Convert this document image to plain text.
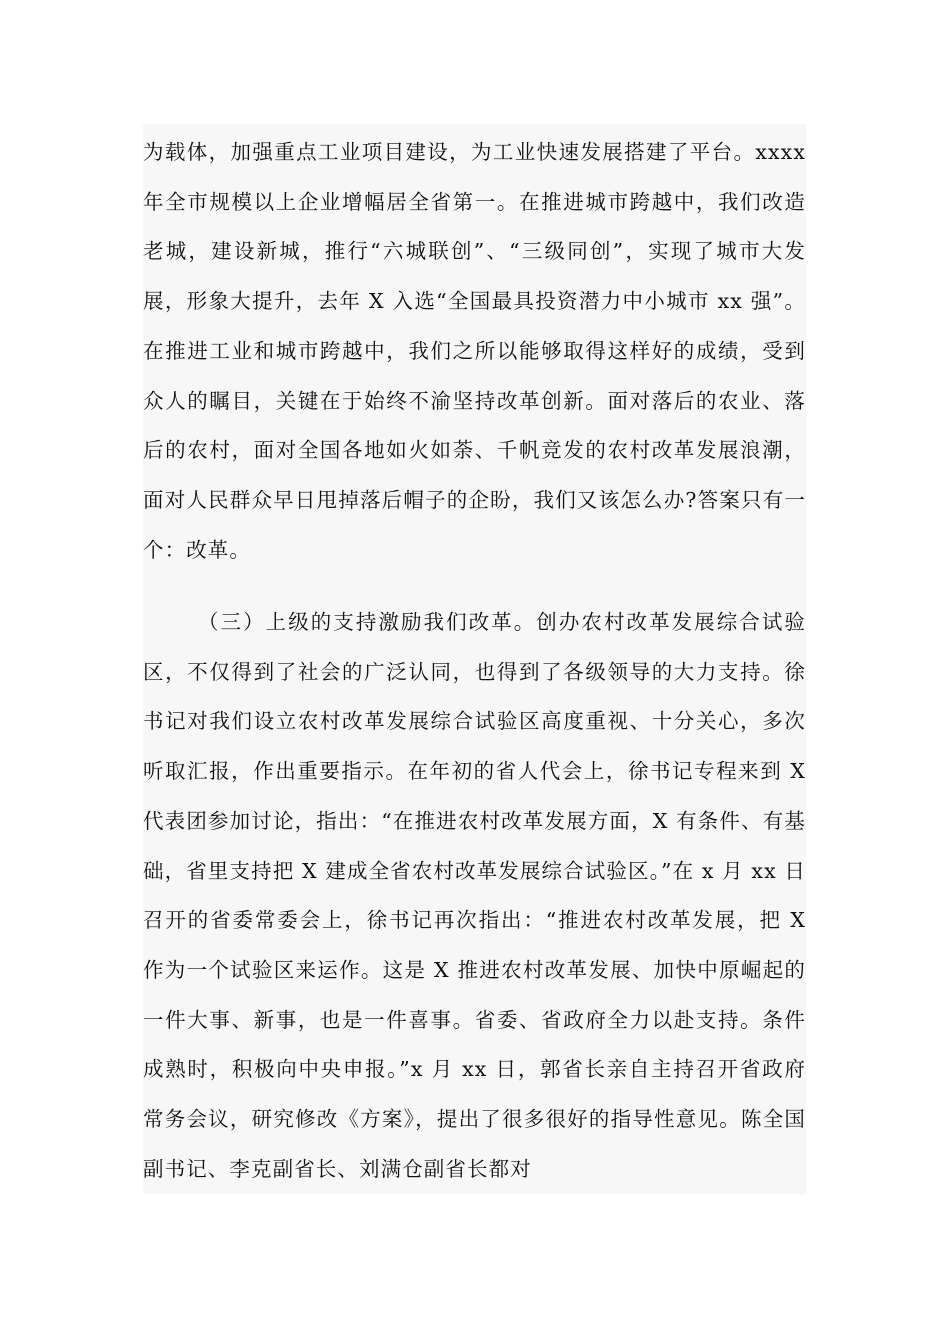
为载体，加强重点工业项目建设，为工业快速发展搭建了平台。xxxx 年全市规模以上企业增幅居全省第一。在推进城市跨越中，我们改造老城，建设新城，推行“六城联创”、“三级同创”，实现了城市大发展，形象大提升，去年 X 入选“全国最具投资潜力中小城市 xx 强”。在推进工业和城市跨越中，我们之所以能够取得这样好的成绩，受到众人的瞩目，关键在于始终不渝坚持改革创新。面对落后的农业、落后的农村，面对全国各地如火如荼、千帆竞发的农村改革发展浪潮，面对人民群众早日甩掉落后帽子的企盼，我们又该怎么办?答案只有一个：改革。

（三）上级的支持激励我们改革。创办农村改革发展综合试验区，不仅得到了社会的广泛认同，也得到了各级领导的大力支持。徐书记对我们设立农村改革发展综合试验区高度重视、十分关心，多次听取汇报，作出重要指示。在年初的省人代会上，徐书记专程来到 X 代表团参加讨论，指出：“在推进农村改革发展方面，X 有条件、有基础，省里支持把 X 建成全省农村改革发展综合试验区。”在 x 月 xx 日召开的省委常委会上，徐书记再次指出：“推进农村改革发展，把 X 作为一个试验区来运作。这是 X 推进农村改革发展、加快中原崛起的一件大事、新事，也是一件喜事。省委、省政府全力以赴支持。条件成熟时，积极向中央申报。”x 月 xx 日，郭省长亲自主持召开省政府常务会议，研究修改《方案》，提出了很多很好的指导性意见。陈全国副书记、李克副省长、刘满仓副省长都对
